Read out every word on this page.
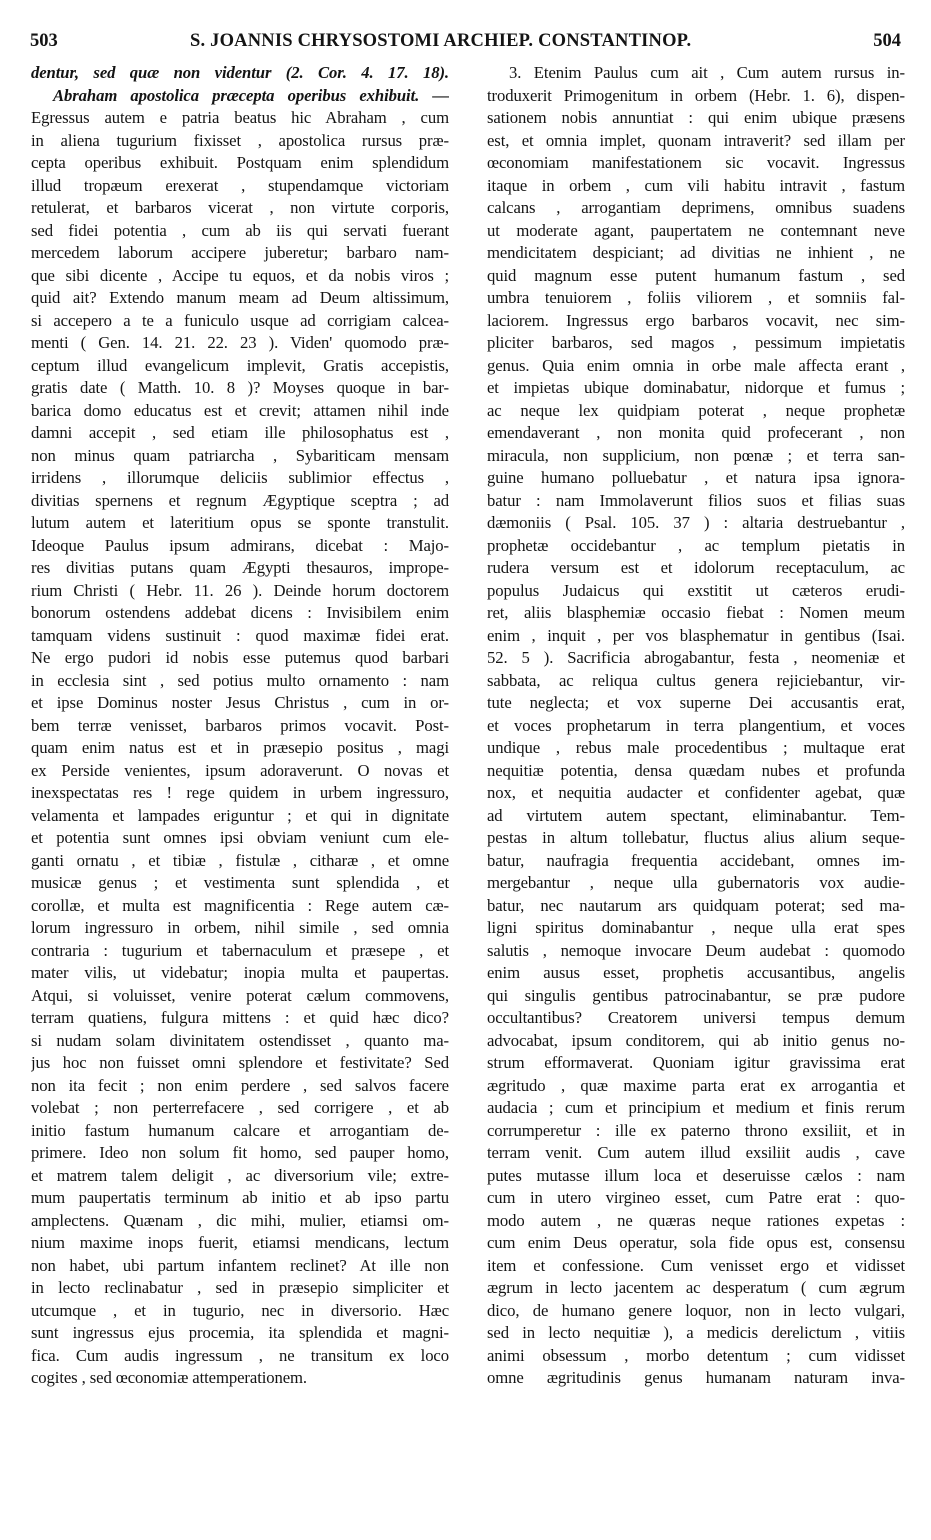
503	S. JOANNIS CHRYSOSTOMI ARCHIEP. CONSTANTINOP.	504
dentur, sed quæ non videntur (2. Cor. 4. 17. 18).
Abraham apostolica præcepta operibus exhibuit. —
Egressus autem e patria beatus hic Abraham , cum
in aliena tugurium fixisset , apostolica rursus præ-
cepta operibus exhibuit. Postquam enim splendidum
illud tropæum erexerat , stupendamque victoriam
retulerat, et barbaros vicerat , non virtute corporis,
sed fidei potentia , cum ab iis qui servati fuerant
mercedem laborum accipere juberetur; barbaro nam-
que sibi dicente , Accipe tu equos, et da nobis viros ;
quid ait? Extendo manum meam ad Deum altissimum,
si accepero a te a funiculo usque ad corrigiam calcea-
menti ( Gen. 14. 21. 22. 23 ). Viden' quomodo præ-
ceptum illud evangelicum implevit, Gratis accepistis,
gratis date ( Matth. 10. 8 )? Moyses quoque in bar-
barica domo educatus est et crevit; attamen nihil inde
damni accepit , sed etiam ille philosophatus est ,
non minus quam patriarcha , Sybariticam mensam
irridens , illorumque deliciis sublimior effectus ,
divitias spernens et regnum Ægyptique sceptra ; ad
lutum autem et lateritium opus se sponte transtulit.
Ideoque Paulus ipsum admirans, dicebat : Majo-
res divitias putans quam Ægypti thesauros, imprope-
rium Christi ( Hebr. 11. 26 ). Deinde horum doctorem
bonorum ostendens addebat dicens : Invisibilem enim
tamquam videns sustinuit : quod maximæ fidei erat.
Ne ergo pudori id nobis esse putemus quod barbari
in ecclesia sint , sed potius multo ornamento : nam
et ipse Dominus noster Jesus Christus , cum in or-
bem terræ venisset, barbaros primos vocavit. Post-
quam enim natus est et in præsepio positus , magi
ex Perside venientes, ipsum adoraverunt. O novas et
inexspectatas res ! rege quidem in urbem ingressuro,
velamenta et lampades eriguntur ; et qui in dignitate
et potentia sunt omnes ipsi obviam veniunt cum ele-
ganti ornatu , et tibiæ , fistulæ , citharæ , et omne
musicæ genus ; et vestimenta sunt splendida , et
corollæ, et multa est magnificentia : Rege autem cæ-
lorum ingressuro in orbem, nihil simile , sed omnia
contraria : tugurium et tabernaculum et præsepe , et
mater vilis, ut videbatur; inopia multa et paupertas.
Atqui, si voluisset, venire poterat cælum commovens,
terram quatiens, fulgura mittens : et quid hæc dico?
si nudam solam divinitatem ostendisset , quanto ma-
jus hoc non fuisset omni splendore et festivitate? Sed
non ita fecit ; non enim perdere , sed salvos facere
volebat ; non perterrefacere , sed corrigere , et ab
initio fastum humanum calcare et arrogantiam de-
primere. Ideo non solum fit homo, sed pauper homo,
et matrem talem deligit , ac diversorium vile; extre-
mum paupertatis terminum ab initio et ab ipso partu
amplectens. Quænam , dic mihi, mulier, etiamsi om-
nium maxime inops fuerit, etiamsi mendicans, lectum
non habet, ubi partum infantem reclinet? At ille non
in lecto reclinabatur , sed in præsepio simpliciter et
utcumque , et in tugurio, nec in diversorio. Hæc
sunt ingressus ejus procemia, ita splendida et magni-
fica. Cum audis ingressum , ne transitum ex loco
cogites , sed œconomiæ attemperationem.
3. Etenim Paulus cum ait , Cum autem rursus in-
troduxerit Primogenitum in orbem (Hebr. 1. 6), dispen-
sationem nobis annuntiat : qui enim ubique præsens
est, et omnia implet, quonam intraverit? sed illam per
œconomiam manifestationem sic vocavit. Ingressus
itaque in orbem , cum vili habitu intravit , fastum
calcans , arrogantiam deprimens, omnibus suadens
ut moderate agant, paupertatem ne contemnant neve
mendicitatem despiciant; ad divitias ne inhient , ne
quid magnum esse putent humanum fastum , sed
umbra tenuiorem , foliis viliorem , et somniis fal-
laciorem. Ingressus ergo barbaros vocavit, nec sim-
pliciter barbaros, sed magos , pessimum impietatis
genus. Quia enim omnia in orbe male affecta erant ,
et impietas ubique dominabatur, nidorque et fumus ;
ac neque lex quidpiam poterat , neque prophetæ
emendaverant , non monita quid profecerant , non
miracula, non supplicium, non pœnæ ; et terra san-
guine humano polluebatur , et natura ipsa ignora-
batur : nam Immolaverunt filios suos et filias suas
dæmoniis ( Psal. 105. 37 ) : altaria destruebantur ,
prophetæ occidebantur , ac templum pietatis in
rudera versum est et idolorum receptaculum, ac
populus Judaicus qui exstitit ut cæteros erudi-
ret, aliis blasphemiæ occasio fiebat : Nomen meum
enim , inquit , per vos blasphematur in gentibus (Isai.
52. 5 ). Sacrificia abrogabantur, festa , neomeniæ et
sabbata, ac reliqua cultus genera rejiciebantur, vir-
tute neglecta; et vox superne Dei accusantis erat,
et voces prophetarum in terra plangentium, et voces
undique , rebus male procedentibus ; multaque erat
nequitiæ potentia, densa quædam nubes et profunda
nox, et nequitia audacter et confidenter agebat, quæ
ad virtutem autem spectant, eliminabantur. Tem-
pestas in altum tollebatur, fluctus alius alium seque-
batur, naufragia frequentia accidebant, omnes im-
mergebantur , neque ulla gubernatoris vox audie-
batur, nec nautarum ars quidquam poterat; sed ma-
ligni spiritus dominabantur , neque ulla erat spes
salutis , nemoque invocare Deum audebat : quomodo
enim ausus esset, prophetis accusantibus, angelis
qui singulis gentibus patrocinabantur, se præ pudore
occultantibus? Creatorem universi tempus demum
advocabat, ipsum conditorem, qui ab initio genus no-
strum efformaverat. Quoniam igitur gravissima erat
ægritudo , quæ maxime parta erat ex arrogantia et
audacia ; cum et principium et medium et finis rerum
corrumperetur : ille ex paterno throno exsiliit, et in
terram venit. Cum autem illud exsiliit audis , cave
putes mutasse illum loca et deseruisse cælos : nam
cum in utero virgineo esset, cum Patre erat : quo-
modo autem , ne quæras neque rationes expetas :
cum enim Deus operatur, sola fide opus est, consensu
item et confessione. Cum venisset ergo et vidisset
ægrum in lecto jacentem ac desperatum ( cum ægrum
dico, de humano genere loquor, non in lecto vulgari,
sed in lecto nequitiæ ), a medicis derelictum , vitiis
animi obsessum , morbo detentum ; cum vidisset
omne ægritudinis genus humanam naturam inva-
